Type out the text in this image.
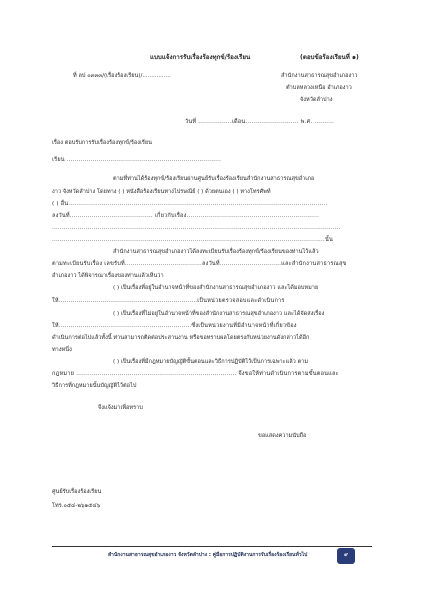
แบบแจ้งการรับเรื่องร้องทุกข์/ร้องเรียน	(ตอบข้อร้องเรียนที่ ๑)
ที่ ลป ๐๓๓๓/(เรื่องร้องเรียน)/................	สำนักงานสาธารณสุขอำเภองาว
ตำบลหลวงเหนือ อำเภองาว
จังหวัดลำปาง
วันที่ .................เดือน........................... พ.ศ. ..........
เรื่อง ตอบรับการรับเรื่องร้องทุกข์/ร้องเรียน
เรียน ..............................................................................
ตามที่ท่านได้ร้องทุกข์/ร้องเรียนผ่านศูนย์รับเรื่องร้องเรียนสำนักงานสาธารณสุขอำเภอ
งาว จังหวัดลำปาง โดยทาง ( ) หนังสือร้องเรียนทางไปรษณีย์ ( ) ด้วยตนเอง ( ) ทางโทรศัพท์
( ) อื่น...................................................................................................................................
ลงวันที่.......................................... เกี่ยวกับเรื่อง...................................................................
..................................................................................................................................................
..........................................................................................................................................นั้น
สำนักงานสาธารณสุขอำเภองาวได้ลงทะเบียนรับเรื่องร้องทุกข์/ร้องเรียนของท่านไว้แล้ว
ตามทะเบียนรับเรื่อง เลขรับที่.......................................ลงวันที่...............................และสำนักงานสาธารณสุข
อำเภองาว ได้พิจารณาเรื่องของท่านแล้วเห็นว่า
( ) เป็นเรื่องที่อยู่ในอำนาจหน้าที่ของสำนักงานสาธารณสุขอำเภองาว และได้มอบหมาย
ให้......................................................................เป็นหน่วยตรวจสอบและดำเนินการ
( ) เป็นเรื่องที่ไม่อยู่ในอำนาจหน้าที่ของสำนักงานสาธารณสุขอำเภองาว และได้จัดส่งเรื่อง
ให้...................................................................ซึ่งเป็นหน่วยงานที่มีอำนาจหน้าที่เกี่ยวข้อง
ดำเนินการต่อไปแล้วทั้งนี้ ท่านสามารถติดต่อประสานงาน หรือขอทราบผลโดยตรงกับหน่วยงานดังกล่าวได้อีก
ทางหนึ่ง
( ) เป็นเรื่องที่มีกฎหมายบัญญัติขั้นตอนและวิธีการปฏิบัติไว้เป็นการเฉพาะแล้ว ตาม
กฎหมาย ................................................................................. จึงขอให้ท่านดำเนินการตามขั้นตอนและ
วิธีการที่กฎหมายนั้นบัญญัติไว้ต่อไป
จึงแจ้งมาเพื่อทราบ
ขอแสดงความนับถือ
ศูนย์รับเรื่องร้องเรียน
โทร.๐๕๔-๒๖๑๕๔๖
สำนักงานสาธารณสุขอำเภองาว จังหวัดลำปาง : คู่มือการปฏิบัติงานการรับเรื่องร้องเรียนทั่วไป	๙
